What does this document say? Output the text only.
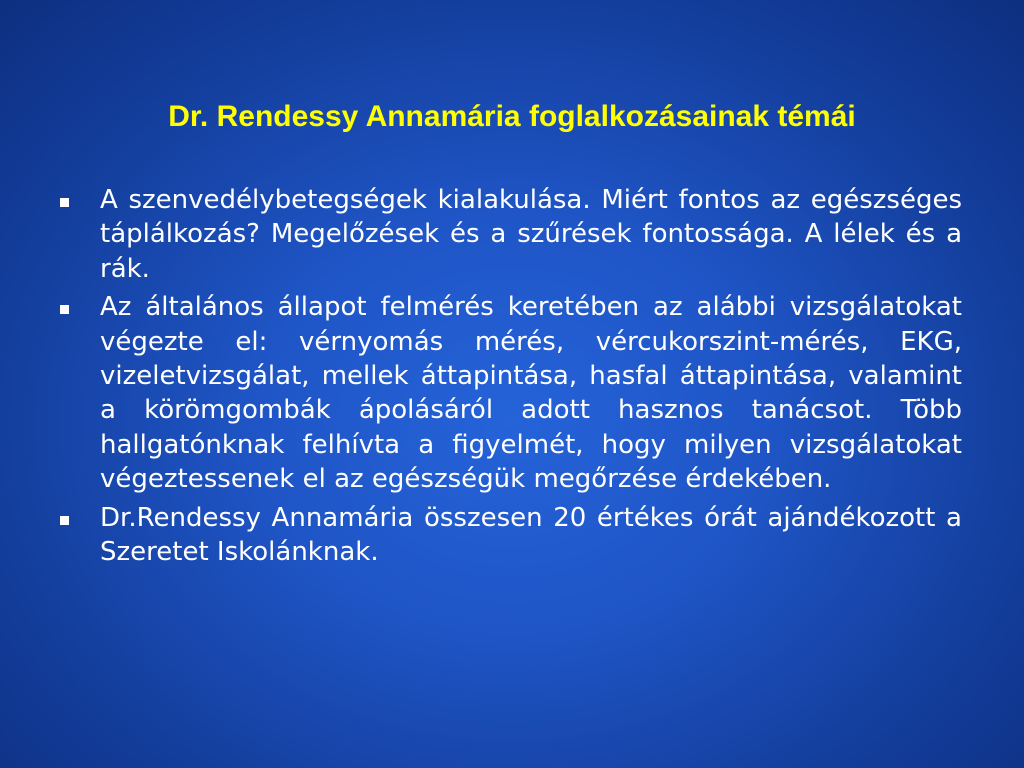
Dr. Rendessy Annamária foglalkozásainak témái
A szenvedélybetegségek kialakulása. Miért fontos az egészséges táplálkozás? Megelőzések és a szűrések fontossága. A lélek és a rák.
Az általános állapot felmérés keretében az alábbi vizsgálatokat végezte el: vérnyomás mérés, vércukorszint-mérés, EKG, vizeletvizsgálat, mellek áttapintása, hasfal áttapintása, valamint a körömgombák ápolásáról adott hasznos tanácsot. Több hallgatónknak felhívta a figyelmét, hogy milyen vizsgálatokat végeztessenek el az egészségük megőrzése érdekében.
Dr.Rendessy Annamária összesen 20 értékes órát ajándékozott a Szeretet Iskolánknak.
